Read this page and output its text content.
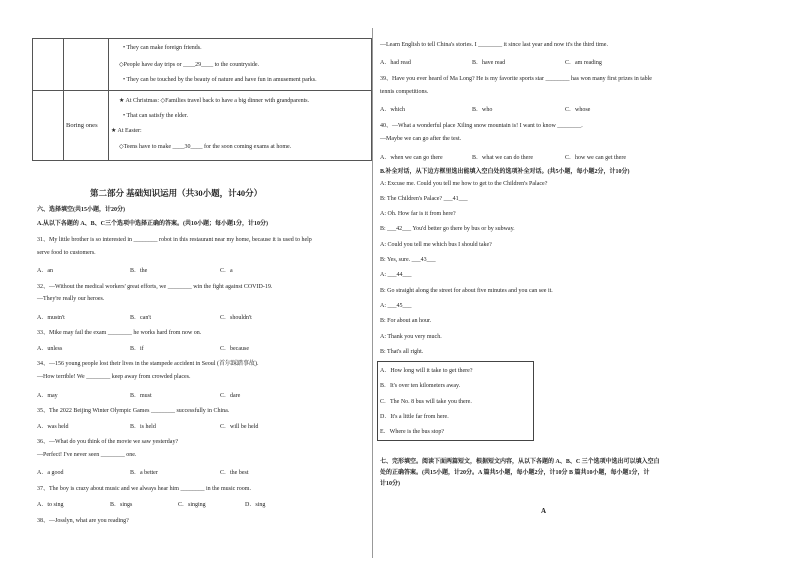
		• They can make foreign friends.
◇People have day trips or ____29____ to the countryside.
• They can be touched by the beauty of nature and have fun in amusement parks.

	Boring ones	★ At Christmas: ◇Families travel back to have a big dinner with grandparents.
• That can satisfy the elder.
★ At Easter:
◇Teens have to make ____30____ for the soon coming exams at home.
第二部分 基础知识运用（共30小题，计40分）
六、选择填空(共15小题，计20分)
A.从以下各题的 A、B、C三个选项中选择正确的答案。(共10小题；每小题1分，计10分)
31、My little brother is so interested in ________ robot in this restaurant near my home, because it is used to help
serve food to customers.
A．an	B．the	C．a
32、—Without the medical workers' great efforts, we ________ win the fight against COVID-19.
—They're really our heroes.
A．mustn't	B．can't	C．shouldn't
33、Mike may fail the exam ________ he works hard from now on.
A．unless	B．if	C．because
34、—156 young people lost their lives in the stampede accident in Seoul (首尔踩踏事故).
—How terrible! We ________ keep away from crowded places.
A．may	B．must	C．dare
35、The 2022 Beijing Winter Olympic Games ________ successfully in China.
A．was held	B．is held	C．will be held
36、—What do you think of the movie we saw yesterday?
—Perfect! I've never seen ________ one.
A．a good	B．a better	C．the best
37、The boy is crazy about music and we always hear him ________ in the music room.
A．to sing	B．sings	C．singing	D．sing
38、—Josslyn, what are you reading?
—Learn English to tell China's stories. I ________ it since last year and now it's the third time.
A．had read	B．have read	C．am reading
39、Have you ever heard of Ma Long? He is my favorite sports star ________ has won many first prizes in table
tennis competitions.
A．which	B．who	C．whose
40、—What a wonderful place Xiling snow mountain is! I want to know ________.
—Maybe we can go after the test.
A．when we can go there	B．what we can do there	C．how we can get there
B.补全对话，从下边方框里选出能填入空白处的选项补全对话。(共5小题，每小题2分，计10分)
A: Excuse me. Could you tell me how to get to the Children's Palace?
B: The Children's Palace? ___41___
A: Oh. How far is it from here?
B: ___42___ You'd better go there by bus or by subway.
A: Could you tell me which bus I should take?
B: Yes, sure. ___43___
A: ___44___
B: Go straight along the street for about five minutes and you can see it.
A: ___45___
B: For about an hour.
A: Thank you very much.
B: That's all right.
A．How long will it take to get there?
B．It's over ten kilometers away.
C．The No. 8 bus will take you there.
D．It's a little far from here.
E．Where is the bus stop?
七、完形填空。阅读下面两篇短文，根据短文内容，从以下各题的 A、B、C 三个选项中选出可以填入空白
处的正确答案。(共15小题，计20分。A 篇共5小题，每小题2分，计10分 B 篇共10小题，每小题1分，计
计10分)
A
